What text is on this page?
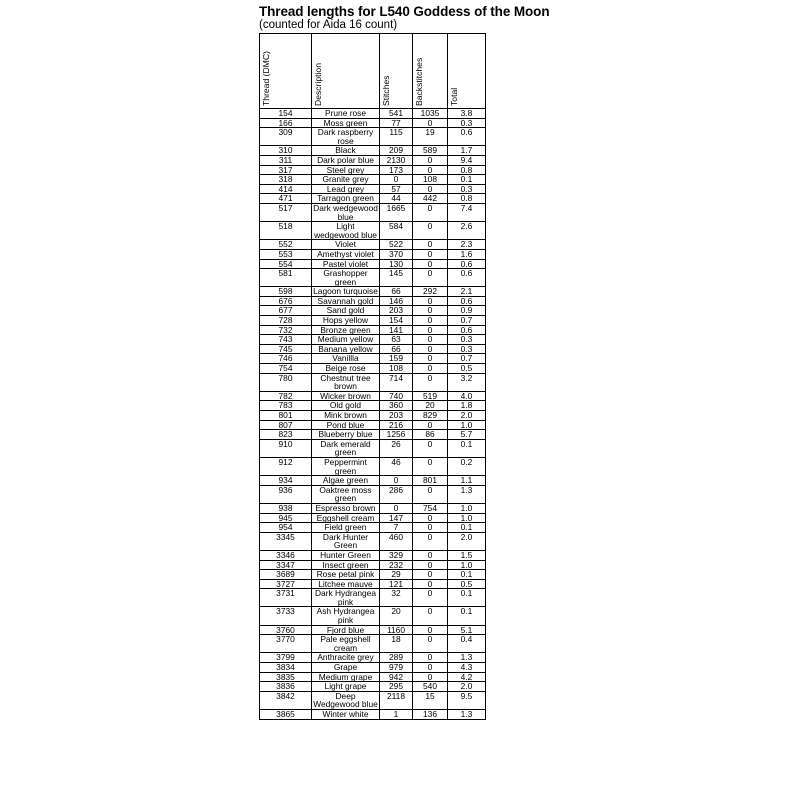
Thread lengths for L540 Goddess of the Moon
(counted for Aida 16 count)
Thread (DMC)	Description	Stitches	Backstitches	Total

154	Prune rose	541	1035	3.8
166	Moss green	77	0	0.3
309	Dark raspberry rose	115	19	0.6
310	Black	209	589	1.7
311	Dark polar blue	2130	0	9.4
317	Steel grey	173	0	0.8
318	Granite grey	0	108	0.1
414	Lead grey	57	0	0.3
471	Tarragon green	44	442	0.8
517	Dark wedgewood blue	1665	0	7.4
518	Light wedgewood blue	584	0	2.6
552	Violet	522	0	2.3
553	Amethyst violet	370	0	1.6
554	Pastel violet	130	0	0.6
581	Grashopper green	145	0	0.6
598	Lagoon turquoise	66	292	2.1
676	Savannah gold	146	0	0.6
677	Sand gold	203	0	0.9
728	Hops yellow	154	0	0.7
732	Bronze green	141	0	0.6
743	Medium yellow	63	0	0.3
745	Banana yellow	66	0	0.3
746	Vanillla	159	0	0.7
754	Beige rose	108	0	0.5
780	Chestnut tree brown	714	0	3.2
782	Wicker brown	740	519	4.0
783	Old gold	360	20	1.8
801	Mink brown	203	829	2.0
807	Pond blue	216	0	1.0
823	Blueberry blue	1256	86	5.7
910	Dark emerald green	26	0	0.1
912	Peppermint green	46	0	0.2
934	Algae green	0	801	1.1
936	Oaktree moss green	286	0	1.3
938	Espresso brown	0	754	1.0
945	Eggshell cream	147	0	1.0
954	Field green	7	0	0.1
3345	Dark Hunter Green	460	0	2.0
3346	Hunter Green	329	0	1.5
3347	Insect green	232	0	1.0
3689	Rose petal pink	29	0	0.1
3727	Litchee mauve	121	0	0.5
3731	Dark Hydrangea pink	32	0	0.1
3733	Ash Hydrangea pink	20	0	0.1
3760	Fjord blue	1160	0	5.1
3770	Pale eggshell cream	18	0	0.4
3799	Anthracite grey	289	0	1.3
3834	Grape	979	0	4.3
3835	Medium grape	942	0	4.2
3836	Light grape	295	540	2.0
3842	Deep Wedgewood blue	2118	15	9.5
3865	Winter white	1	136	1.3
